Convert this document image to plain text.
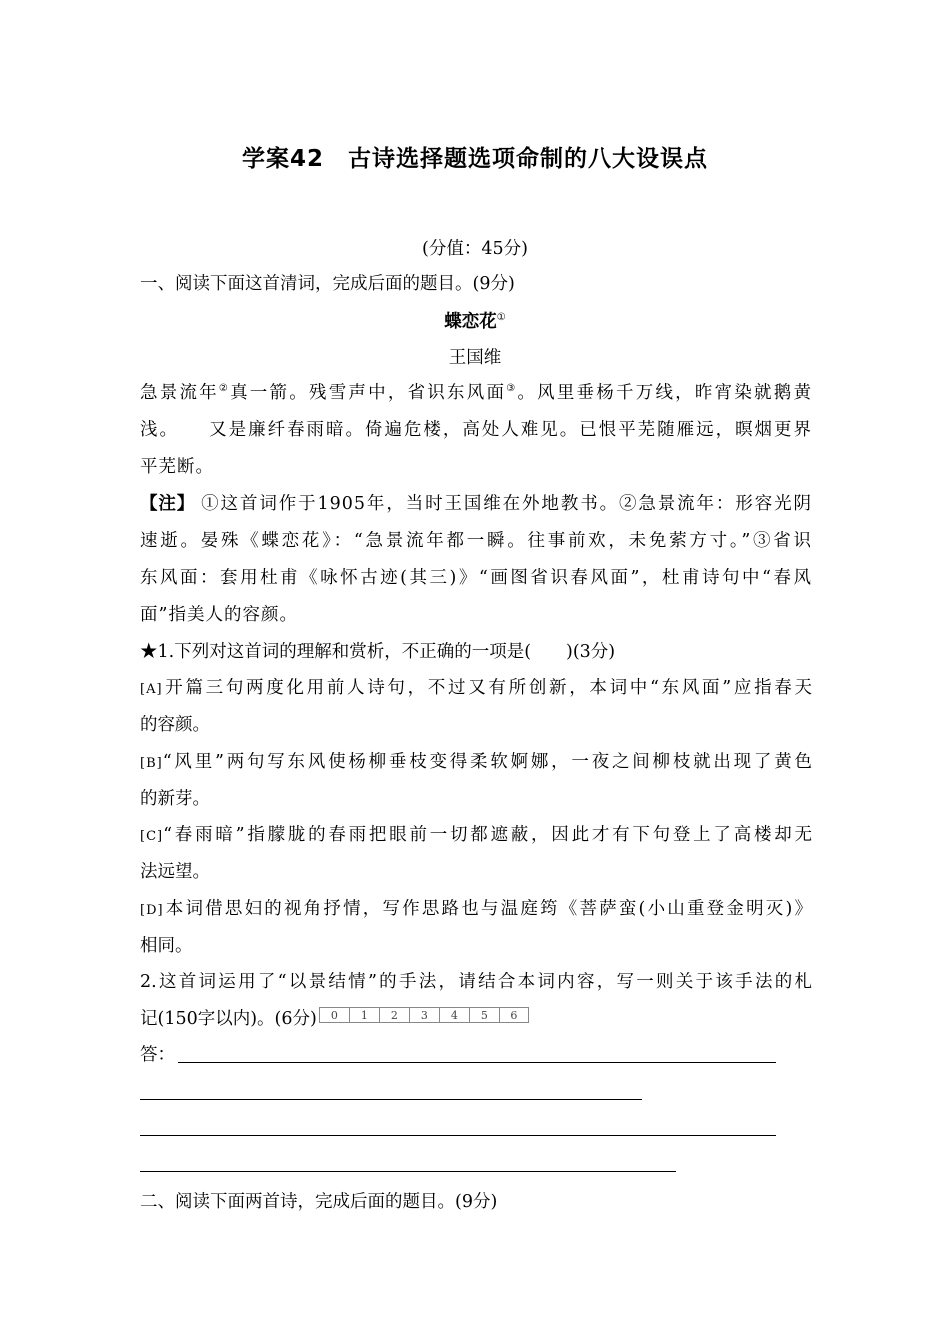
学案42　古诗选择题选项命制的八大设误点
(分值：45分)
一、阅读下面这首清词，完成后面的题目。(9分)
蝶恋花①
王国维
急景流年②真一箭。残雪声中，省识东风面③。风里垂杨千万线，昨宵染就鹅黄
浅。　　又是廉纤春雨暗。倚遍危楼，高处人难见。已恨平芜随雁远，暝烟更界
平芜断。
【注】 ①这首词作于1905年，当时王国维在外地教书。②急景流年：形容光阴
速逝。晏殊《蝶恋花》：“急景流年都一瞬。往事前欢，未免萦方寸。”③省识
东风面：套用杜甫《咏怀古迹(其三)》“画图省识春风面”，杜甫诗句中“春风
面”指美人的容颜。
★1.下列对这首词的理解和赏析，不正确的一项是(　　)(3分)
[A]开篇三句两度化用前人诗句，不过又有所创新，本词中“东风面”应指春天
的容颜。
[B]“风里”两句写东风使杨柳垂枝变得柔软婀娜，一夜之间柳枝就出现了黄色
的新芽。
[C]“春雨暗”指朦胧的春雨把眼前一切都遮蔽，因此才有下句登上了高楼却无
法远望。
[D]本词借思妇的视角抒情，写作思路也与温庭筠《菩萨蛮(小山重登金明灭)》
相同。
2.这首词运用了“以景结情”的手法，请结合本词内容，写一则关于该手法的札
记(150字以内)。(6分) 0 1 2 3 4 5 6
答：
二、阅读下面两首诗，完成后面的题目。(9分)
